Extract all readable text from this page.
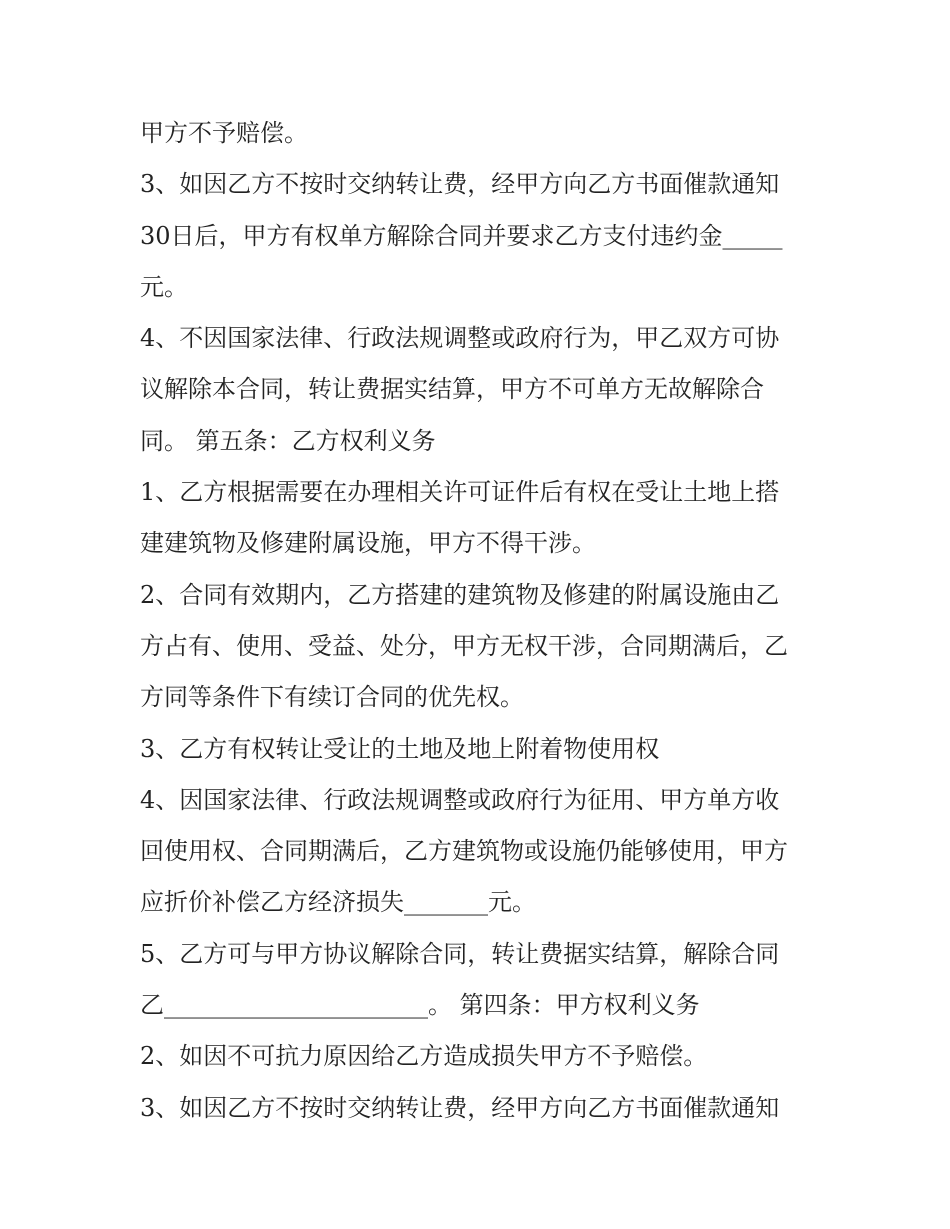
甲方不予赔偿。

3、如因乙方不按时交纳转让费，经甲方向乙方书面催款通知

30日后，甲方有权单方解除合同并要求乙方支付违约金_____

元。

4、不因国家法律、行政法规调整或政府行为，甲乙双方可协

议解除本合同，转让费据实结算，甲方不可单方无故解除合

同。 第五条：乙方权利义务

1、乙方根据需要在办理相关许可证件后有权在受让土地上搭

建建筑物及修建附属设施，甲方不得干涉。

2、合同有效期内，乙方搭建的建筑物及修建的附属设施由乙

方占有、使用、受益、处分，甲方无权干涉，合同期满后，乙

方同等条件下有续订合同的优先权。

3、乙方有权转让受让的土地及地上附着物使用权

4、因国家法律、行政法规调整或政府行为征用、甲方单方收

回使用权、合同期满后，乙方建筑物或设施仍能够使用，甲方

应折价补偿乙方经济损失_______元。

5、乙方可与甲方协议解除合同，转让费据实结算，解除合同

乙______________________。 第四条：甲方权利义务

2、如因不可抗力原因给乙方造成损失甲方不予赔偿。

3、如因乙方不按时交纳转让费，经甲方向乙方书面催款通知
